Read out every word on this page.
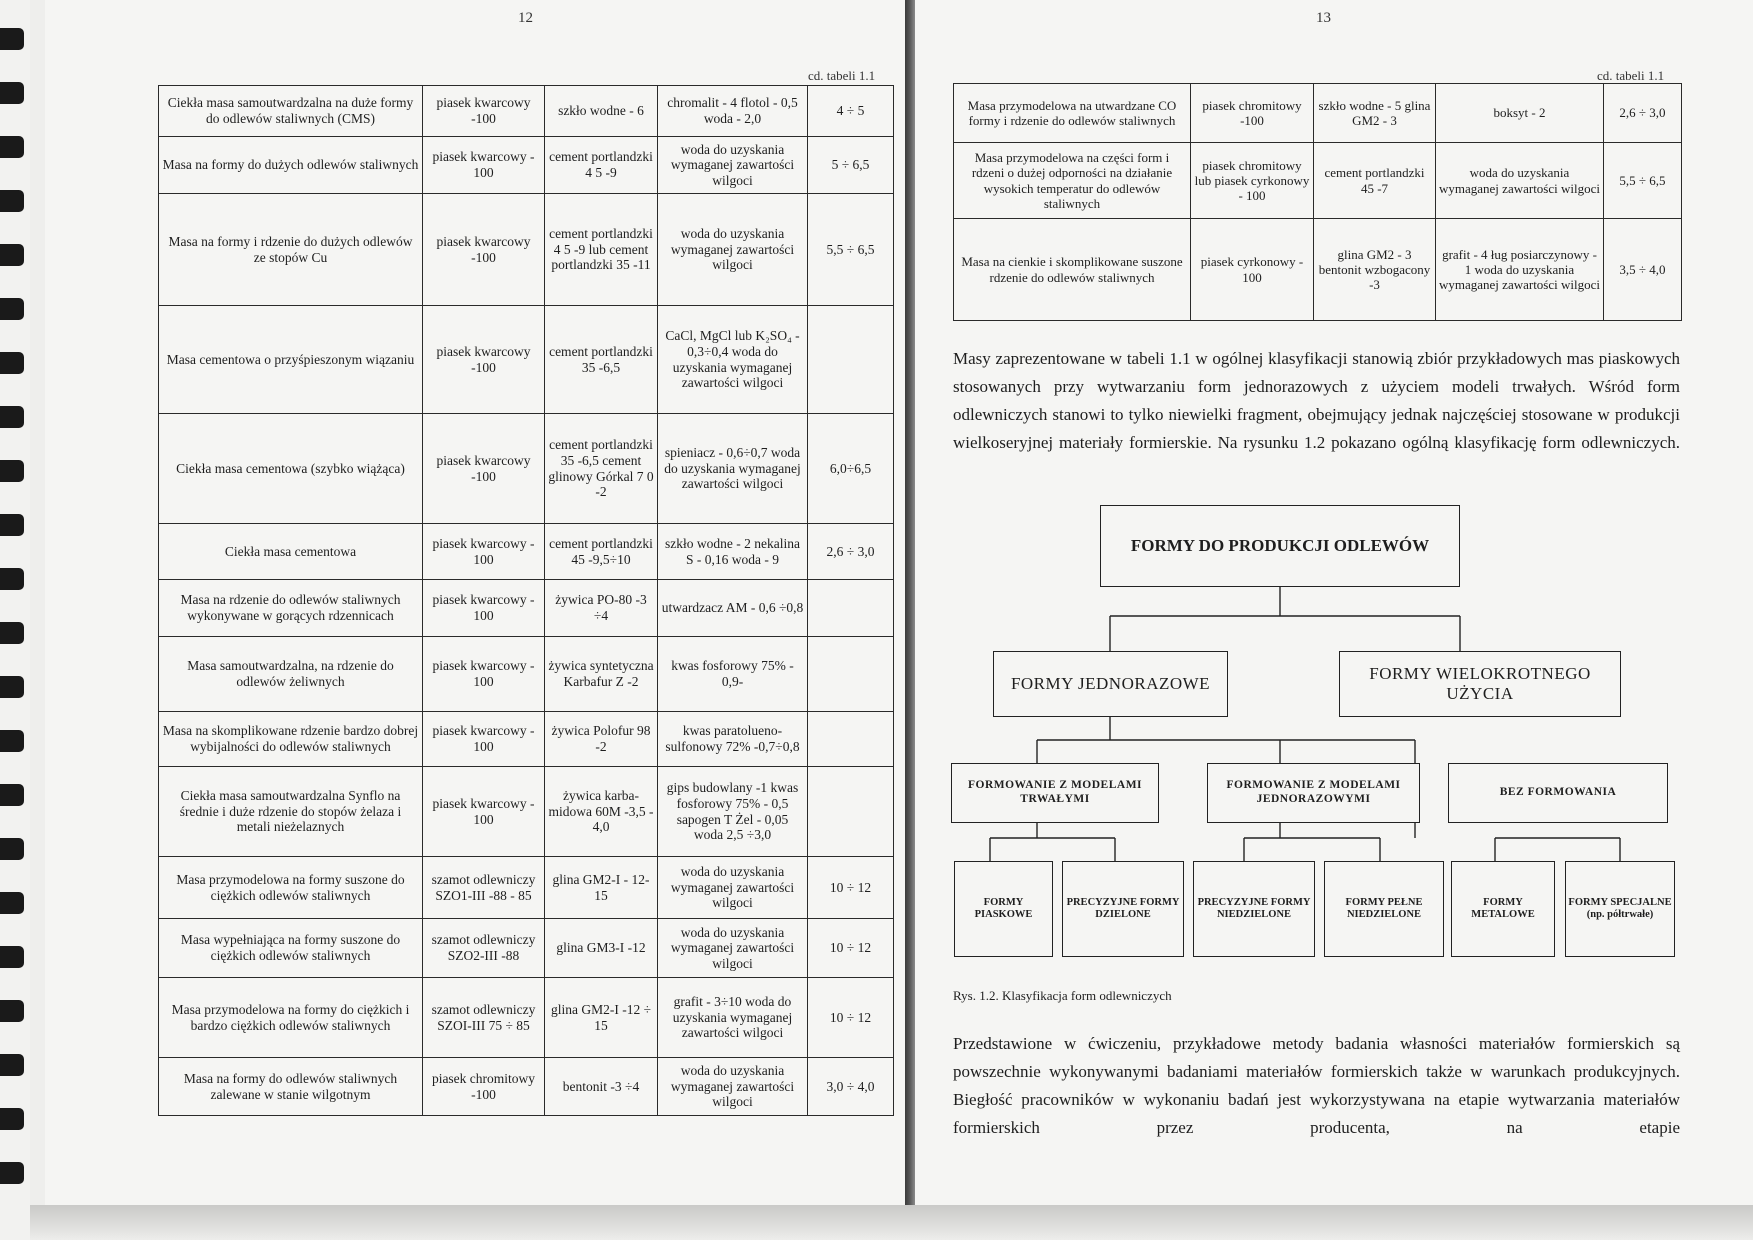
12
cd. tabeli 1.1
Ciekła masa samoutwardzalna na duże formy do odlewów staliwnych (CMS)	piasek kwarcowy -100	szkło wodne - 6	chromalit - 4 flotol - 0,5 woda - 2,0	4 ÷ 5
Masa na formy do dużych odlewów staliwnych	piasek kwarcowy - 100	cement portlandzki 4 5 -9	woda do uzyskania wymaganej zawartości wilgoci	5 ÷ 6,5
Masa na formy i rdzenie do dużych odlewów ze stopów Cu	piasek kwarcowy -100	cement portlandzki 4 5 -9 lub cement portlandzki 35 -11	woda do uzyskania wymaganej zawartości wilgoci	5,5 ÷ 6,5
Masa cementowa o przyśpieszonym wiązaniu	piasek kwarcowy -100	cement portlandzki 35 -6,5	CaCl, MgCl lub K₂SO₄ - 0,3÷0,4 woda do uzyskania wymaganej zawartości wilgoci	
Ciekła masa cementowa (szybko wiążąca)	piasek kwarcowy -100	cement portlandzki 35 -6,5 cement glinowy Górkal 7 0 -2	spieniacz - 0,6÷0,7 woda do uzyskania wymaganej zawartości wilgoci	6,0÷6,5
Ciekła masa cementowa	piasek kwarcowy - 100	cement portlandzki 45 -9,5÷10	szkło wodne - 2 nekalina S - 0,16 woda - 9	2,6 ÷ 3,0
Masa na rdzenie do odlewów staliwnych wykonywane w gorących rdzennicach	piasek kwarcowy - 100	żywica PO-80 -3 ÷4	utwardzacz AM - 0,6 ÷0,8	
Masa samoutwardzalna, na rdzenie do odlewów żeliwnych	piasek kwarcowy - 100	żywica syntetyczna Karbafur Z -2	kwas fosforowy 75% - 0,9-	
Masa na skomplikowane rdzenie bardzo dobrej wybijalności do odlewów staliwnych	piasek kwarcowy - 100	żywica Polofur 98 -2	kwas paratolueno-sulfonowy 72% -0,7÷0,8	
Ciekła masa samoutwardzalna Synflo na średnie i duże rdzenie do stopów żelaza i metali nieżelaznych	piasek kwarcowy - 100	żywica karba-midowa 60M -3,5 - 4,0	gips budowlany -1 kwas fosforowy 75% - 0,5 sapogen T Żel - 0,05 woda 2,5 ÷3,0	
Masa przymodelowa na formy suszone do ciężkich odlewów staliwnych	szamot odlewniczy SZO1-III -88 - 85	glina GM2-I - 12-15	woda do uzyskania wymaganej zawartości wilgoci	10 ÷ 12
Masa wypełniająca na formy suszone do ciężkich odlewów staliwnych	szamot odlewniczy SZO2-III -88	glina GM3-I -12	woda do uzyskania wymaganej zawartości wilgoci	10 ÷ 12
Masa przymodelowa na formy do ciężkich i bardzo ciężkich odlewów staliwnych	szamot odlewniczy SZOI-III 75 ÷ 85	glina GM2-I -12 ÷ 15	grafit - 3÷10 woda do uzyskania wymaganej zawartości wilgoci	10 ÷ 12
Masa na formy do odlewów staliwnych zalewane w stanie wilgotnym	piasek chromitowy -100	bentonit -3 ÷4	woda do uzyskania wymaganej zawartości wilgoci	3,0 ÷ 4,0
13
cd. tabeli 1.1
Masa przymodelowa na utwardzane CO formy i rdzenie do odlewów staliwnych	piasek chromitowy -100	szkło wodne - 5 glina GM2 - 3	boksyt - 2	2,6 ÷ 3,0
Masa przymodelowa na części form i rdzeni o dużej odporności na działanie wysokich temperatur do odlewów staliwnych	piasek chromitowy lub piasek cyrkonowy - 100	cement portlandzki 45 -7	woda do uzyskania wymaganej zawartości wilgoci	5,5 ÷ 6,5
Masa na cienkie i skomplikowane suszone rdzenie do odlewów staliwnych	piasek cyrkonowy - 100	glina GM2 - 3 bentonit wzbogacony -3	grafit - 4 ług posiarczynowy - 1 woda do uzyskania wymaganej zawartości wilgoci	3,5 ÷ 4,0

Masy zaprezentowane w tabeli 1.1 w ogólnej klasyfikacji stanowią zbiór przykładowych mas piaskowych stosowanych przy wytwarzaniu form jednorazowych z użyciem modeli trwałych. Wśród form odlewniczych stanowi to tylko niewielki fragment, obejmujący jednak najczęściej stosowane w produkcji wielkoseryjnej materiały formierskie. Na rysunku 1.2 pokazano ogólną klasyfikację form odlewniczych.

FORMY DO PRODUKCJI ODLEWÓW
FORMY JEDNORAZOWE
FORMY WIELOKROTNEGO UŻYCIA
FORMOWANIE Z MODELAMI TRWAŁYMI
FORMOWANIE Z MODELAMI JEDNORAZOWYMI
BEZ FORMOWANIA
FORMY PIASKOWE
PRECYZYJNE FORMY DZIELONE
PRECYZYJNE FORMY NIEDZIELONE
FORMY PEŁNE NIEDZIELONE
FORMY METALOWE
FORMY SPECJALNE (np. półtrwałe)
Rys. 1.2. Klasyfikacja form odlewniczych

Przedstawione w ćwiczeniu, przykładowe metody badania własności materiałów formierskich są powszechnie wykonywanymi badaniami materiałów formierskich także w warunkach produkcyjnych. Biegłość pracowników w wykonaniu badań jest wykorzystywana na etapie wytwarzania materiałów formierskich przez producenta, na etapie
